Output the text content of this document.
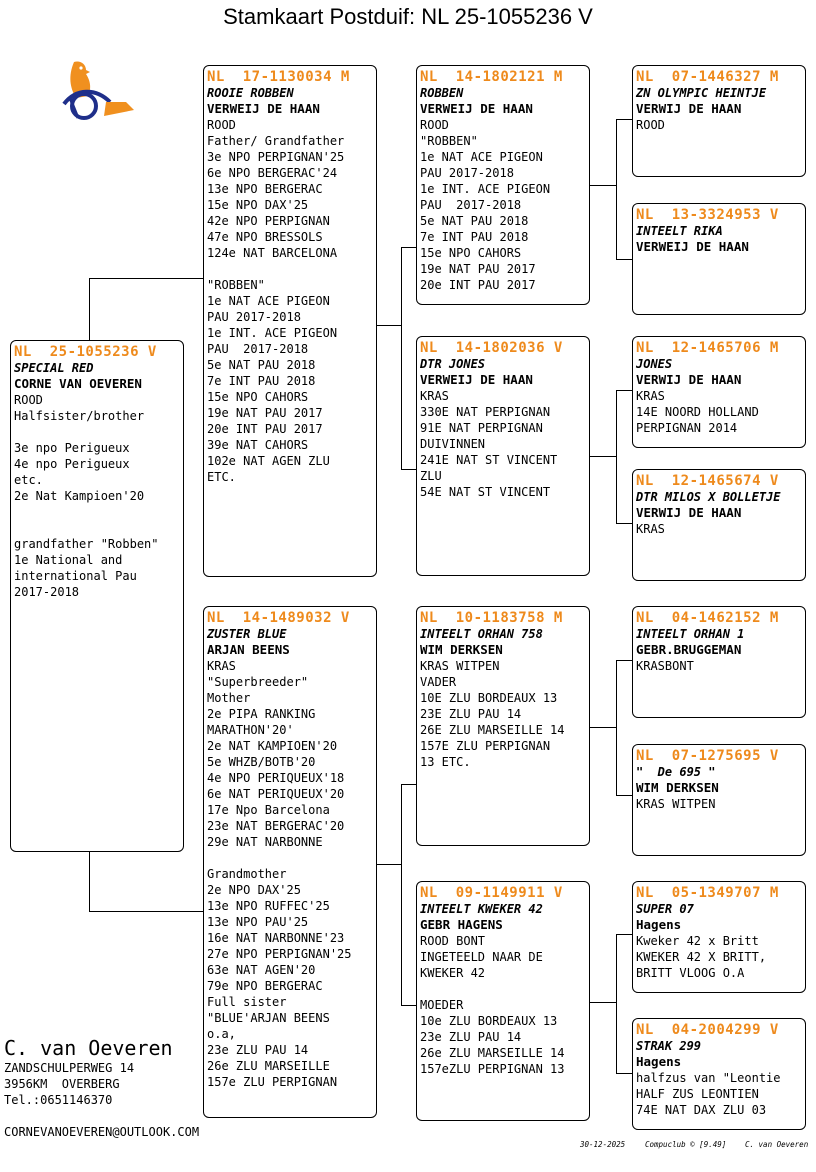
Stamkaart Postduif: NL 25-1055236 V
NL  25-1055236 V
SPECIAL RED
CORNE VAN OEVEREN
ROOD
Halfsister/brother
3e npo Perigueux
4e npo Perigueux
etc.
2e Nat Kampioen'20
grandfather "Robben"
1e National and
international Pau
2017-2018
NL  17-1130034 M
ROOIE ROBBEN
VERWEIJ DE HAAN
ROOD
Father/ Grandfather
3e NPO PERPIGNAN'25
6e NPO BERGERAC'24
13e NPO BERGERAC
15e NPO DAX'25
42e NPO PERPIGNAN
47e NPO BRESSOLS
124e NAT BARCELONA
"ROBBEN"
1e NAT ACE PIGEON
PAU 2017-2018
1e INT. ACE PIGEON
PAU  2017-2018
5e NAT PAU 2018
7e INT PAU 2018
15e NPO CAHORS
19e NAT PAU 2017
20e INT PAU 2017
39e NAT CAHORS
102e NAT AGEN ZLU
ETC.
NL  14-1489032 V
ZUSTER BLUE
ARJAN BEENS
KRAS
"Superbreeder"
Mother
2e PIPA RANKING
MARATHON'20'
2e NAT KAMPIOEN'20
5e WHZB/BOTB'20
4e NPO PERIQUEUX'18
6e NAT PERIQUEUX'20
17e Npo Barcelona
23e NAT BERGERAC'20
29e NAT NARBONNE
Grandmother
2e NPO DAX'25
13e NPO RUFFEC'25
13e NPO PAU'25
16e NAT NARBONNE'23
27e NPO PERPIGNAN'25
63e NAT AGEN'20
79e NPO BERGERAC
Full sister
"BLUE'ARJAN BEENS
o.a,
23e ZLU PAU 14
26e ZLU MARSEILLE
157e ZLU PERPIGNAN
NL  14-1802121 M
ROBBEN
VERWEIJ DE HAAN
ROOD
"ROBBEN"
1e NAT ACE PIGEON
PAU 2017-2018
1e INT. ACE PIGEON
PAU  2017-2018
5e NAT PAU 2018
7e INT PAU 2018
15e NPO CAHORS
19e NAT PAU 2017
20e INT PAU 2017
NL  14-1802036 V
DTR JONES
VERWEIJ DE HAAN
KRAS
330E NAT PERPIGNAN
91E NAT PERPIGNAN
DUIVINNEN
241E NAT ST VINCENT
ZLU
54E NAT ST VINCENT
NL  10-1183758 M
INTEELT ORHAN 758
WIM DERKSEN
KRAS WITPEN
VADER
10E ZLU BORDEAUX 13
23E ZLU PAU 14
26E ZLU MARSEILLE 14
157E ZLU PERPIGNAN
13 ETC.
NL  09-1149911 V
INTEELT KWEKER 42
GEBR HAGENS
ROOD BONT
INGETEELD NAAR DE
KWEKER 42
MOEDER
10e ZLU BORDEAUX 13
23e ZLU PAU 14
26e ZLU MARSEILLE 14
157eZLU PERPIGNAN 13
NL  07-1446327 M
ZN OLYMPIC HEINTJE
VERWIJ DE HAAN
ROOD
NL  13-3324953 V
INTEELT RIKA
VERWEIJ DE HAAN
NL  12-1465706 M
JONES
VERWIJ DE HAAN
KRAS
14E NOORD HOLLAND
PERPIGNAN 2014
NL  12-1465674 V
DTR MILOS X BOLLETJE
VERWIJ DE HAAN
KRAS
NL  04-1462152 M
INTEELT ORHAN 1
GEBR.BRUGGEMAN
KRASBONT
NL  07-1275695 V
"  De 695 "
WIM DERKSEN
KRAS WITPEN
NL  05-1349707 M
SUPER 07
Hagens
Kweker 42 x Britt
KWEKER 42 X BRITT,
BRITT VLOOG O.A
NL  04-2004299 V
STRAK 299
Hagens
halfzus van "Leontie
HALF ZUS LEONTIEN
74E NAT DAX ZLU 03
C. van Oeveren
ZANDSCHULPERWEG 14
3956KM  OVERBERG
Tel.:0651146370
CORNEVANOEVEREN@OUTLOOK.COM
30-12-2025	Compuclub © [9.49] C. van Oeveren
